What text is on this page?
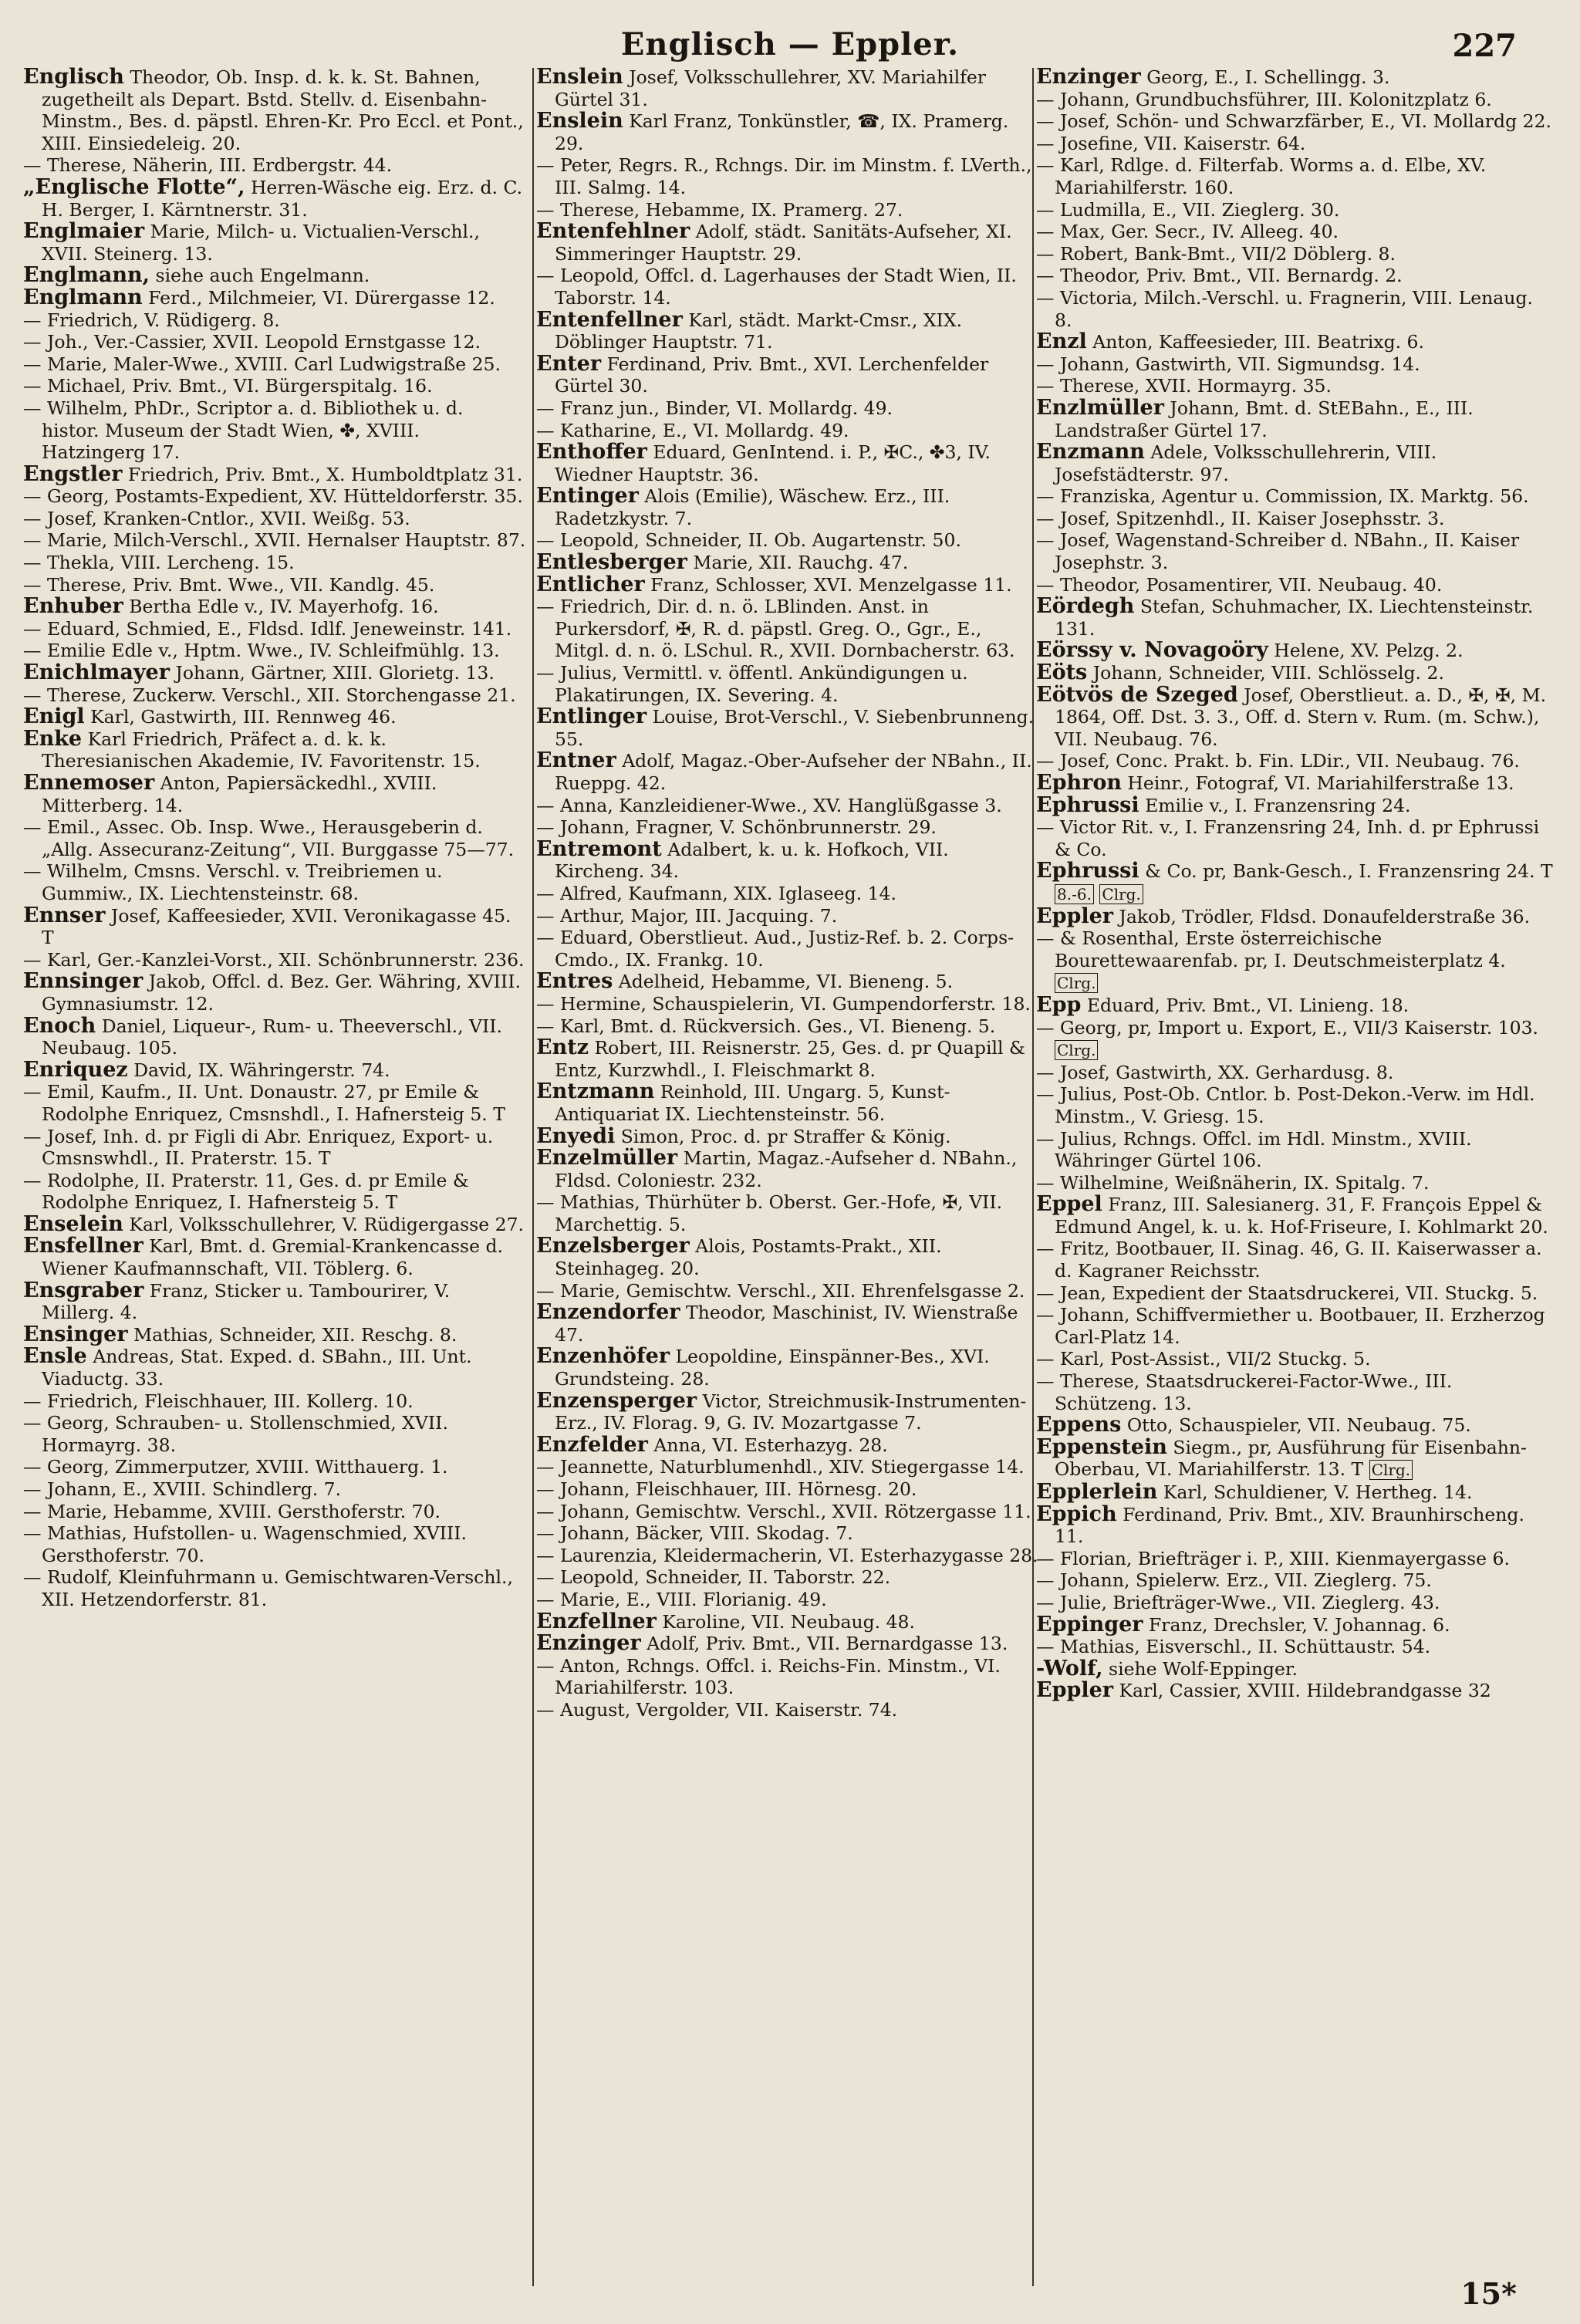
Englisch — Eppler.	227
Englisch Theodor, Ob. Insp. d. k. k. St. Bahnen, zugetheilt als Depart. Bstd. Stellv. d. Eisenbahn-Minstm., Bes. d. päpstl. Ehren-Kr. Pro Eccl. et Pont., XIII. Einsiedeleig. 20.
— Therese, Näherin, III. Erdbergstr. 44.
„Englische Flotte“, Herren-Wäsche eig. Erz. d. C. H. Berger, I. Kärntnerstr. 31.
Englmaier Marie, Milch- u. Victualien-Verschl., XVII. Steinerg. 13.
Englmann, siehe auch Engelmann.
Englmann Ferd., Milchmeier, VI. Dürergasse 12.
— Friedrich, V. Rüdigerg. 8.
— Joh., Ver.-Cassier, XVII. Leopold Ernstgasse 12.
— Marie, Maler-Wwe., XVIII. Carl Ludwigstraße 25.
— Michael, Priv. Bmt., VI. Bürgerspitalg. 16.
— Wilhelm, PhDr., Scriptor a. d. Bibliothek u. d. histor. Museum der Stadt Wien, ✤, XVIII. Hatzingerg 17.
Engstler Friedrich, Priv. Bmt., X. Humboldtplatz 31.
— Georg, Postamts-Expedient, XV. Hütteldorferstr. 35.
— Josef, Kranken-Cntlor., XVII. Weißg. 53.
— Marie, Milch-Verschl., XVII. Hernalser Hauptstr. 87.
— Thekla, VIII. Lercheng. 15.
— Therese, Priv. Bmt. Wwe., VII. Kandlg. 45.
Enhuber Bertha Edle v., IV. Mayerhofg. 16.
— Eduard, Schmied, E., Fldsd. Idlf. Jeneweinstr. 141.
— Emilie Edle v., Hptm. Wwe., IV. Schleifmühlg. 13.
Enichlmayer Johann, Gärtner, XIII. Glorietg. 13.
— Therese, Zuckerw. Verschl., XII. Storchengasse 21.
Enigl Karl, Gastwirth, III. Rennweg 46.
Enke Karl Friedrich, Präfect a. d. k. k. Theresianischen Akademie, IV. Favoritenstr. 15.
Ennemoser Anton, Papiersäckedhl., XVIII. Mitterberg. 14.
— Emil., Assec. Ob. Insp. Wwe., Herausgeberin d. „Allg. Assecuranz-Zeitung“, VII. Burggasse 75—77.
— Wilhelm, Cmsns. Verschl. v. Treibriemen u. Gummiw., IX. Liechtensteinstr. 68.
Ennser Josef, Kaffeesieder, XVII. Veronikagasse 45. T
— Karl, Ger.-Kanzlei-Vorst., XII. Schönbrunnerstr. 236.
Ennsinger Jakob, Offcl. d. Bez. Ger. Währing, XVIII. Gymnasiumstr. 12.
Enoch Daniel, Liqueur-, Rum- u. Theeverschl., VII. Neubaug. 105.
Enriquez David, IX. Währingerstr. 74.
— Emil, Kaufm., II. Unt. Donaustr. 27, pr Emile & Rodolphe Enriquez, Cmsnshdl., I. Hafnersteig 5. T
— Josef, Inh. d. pr Figli di Abr. Enriquez, Export- u. Cmsnswhdl., II. Praterstr. 15. T
— Rodolphe, II. Praterstr. 11, Ges. d. pr Emile & Rodolphe Enriquez, I. Hafnersteig 5. T
Enselein Karl, Volksschullehrer, V. Rüdigergasse 27.
Ensfellner Karl, Bmt. d. Gremial-Krankencasse d. Wiener Kaufmannschaft, VII. Töblerg. 6.
Ensgraber Franz, Sticker u. Tambourirer, V. Millerg. 4.
Ensinger Mathias, Schneider, XII. Reschg. 8.
Ensle Andreas, Stat. Exped. d. SBahn., III. Unt. Viaductg. 33.
— Friedrich, Fleischhauer, III. Kollerg. 10.
— Georg, Schrauben- u. Stollenschmied, XVII. Hormayrg. 38.
— Georg, Zimmerputzer, XVIII. Witthauerg. 1.
— Johann, E., XVIII. Schindlerg. 7.
— Marie, Hebamme, XVIII. Gersthoferstr. 70.
— Mathias, Hufstollen- u. Wagenschmied, XVIII. Gersthoferstr. 70.
— Rudolf, Kleinfuhrmann u. Gemischtwaren-Verschl., XII. Hetzendorferstr. 81.
Enslein Josef, Volksschullehrer, XV. Mariahilfer Gürtel 31.
Enslein Karl Franz, Tonkünstler, ☎, IX. Pramerg. 29.
— Peter, Regrs. R., Rchngs. Dir. im Minstm. f. LVerth., III. Salmg. 14.
— Therese, Hebamme, IX. Pramerg. 27.
Entenfehlner Adolf, städt. Sanitäts-Aufseher, XI. Simmeringer Hauptstr. 29.
— Leopold, Offcl. d. Lagerhauses der Stadt Wien, II. Taborstr. 14.
Entenfellner Karl, städt. Markt-Cmsr., XIX. Döblinger Hauptstr. 71.
Enter Ferdinand, Priv. Bmt., XVI. Lerchenfelder Gürtel 30.
— Franz jun., Binder, VI. Mollardg. 49.
— Katharine, E., VI. Mollardg. 49.
Enthoffer Eduard, GenIntend. i. P., ✠C., ✤3, IV. Wiedner Hauptstr. 36.
Entinger Alois (Emilie), Wäschew. Erz., III. Radetzkystr. 7.
— Leopold, Schneider, II. Ob. Augartenstr. 50.
Entlesberger Marie, XII. Rauchg. 47.
Entlicher Franz, Schlosser, XVI. Menzelgasse 11.
— Friedrich, Dir. d. n. ö. LBlinden. Anst. in Purkersdorf, ✠, R. d. päpstl. Greg. O., Ggr., E., Mitgl. d. n. ö. LSchul. R., XVII. Dornbacherstr. 63.
— Julius, Vermittl. v. öffentl. Ankündigungen u. Plakatirungen, IX. Severing. 4.
Entlinger Louise, Brot-Verschl., V. Siebenbrunneng. 55.
Entner Adolf, Magaz.-Ober-Aufseher der NBahn., II. Rueppg. 42.
— Anna, Kanzleidiener-Wwe., XV. Hanglüßgasse 3.
— Johann, Fragner, V. Schönbrunnerstr. 29.
Entremont Adalbert, k. u. k. Hofkoch, VII. Kircheng. 34.
— Alfred, Kaufmann, XIX. Iglaseeg. 14.
— Arthur, Major, III. Jacquing. 7.
— Eduard, Oberstlieut. Aud., Justiz-Ref. b. 2. Corps-Cmdo., IX. Frankg. 10.
Entres Adelheid, Hebamme, VI. Bieneng. 5.
— Hermine, Schauspielerin, VI. Gumpendorferstr. 18.
— Karl, Bmt. d. Rückversich. Ges., VI. Bieneng. 5.
Entz Robert, III. Reisnerstr. 25, Ges. d. pr Quapill & Entz, Kurzwhdl., I. Fleischmarkt 8.
Entzmann Reinhold, III. Ungarg. 5, Kunst-Antiquariat IX. Liechtensteinstr. 56.
Enyedi Simon, Proc. d. pr Straffer & König.
Enzelmüller Martin, Magaz.-Aufseher d. NBahn., Fldsd. Coloniestr. 232.
— Mathias, Thürhüter b. Oberst. Ger.-Hofe, ✠, VII. Marchettig. 5.
Enzelsberger Alois, Postamts-Prakt., XII. Steinhageg. 20.
— Marie, Gemischtw. Verschl., XII. Ehrenfelsgasse 2.
Enzendorfer Theodor, Maschinist, IV. Wienstraße 47.
Enzenhöfer Leopoldine, Einspänner-Bes., XVI. Grundsteing. 28.
Enzensperger Victor, Streichmusik-Instrumenten-Erz., IV. Florag. 9, G. IV. Mozartgasse 7.
Enzfelder Anna, VI. Esterhazyg. 28.
— Jeannette, Naturblumenhdl., XIV. Stiegergasse 14.
— Johann, Fleischhauer, III. Hörnesg. 20.
— Johann, Gemischtw. Verschl., XVII. Rötzergasse 11.
— Johann, Bäcker, VIII. Skodag. 7.
— Laurenzia, Kleidermacherin, VI. Esterhazygasse 28.
— Leopold, Schneider, II. Taborstr. 22.
— Marie, E., VIII. Florianig. 49.
Enzfellner Karoline, VII. Neubaug. 48.
Enzinger Adolf, Priv. Bmt., VII. Bernardgasse 13.
— Anton, Rchngs. Offcl. i. Reichs-Fin. Minstm., VI. Mariahilferstr. 103.
— August, Vergolder, VII. Kaiserstr. 74.
Enzinger Georg, E., I. Schellingg. 3.
— Johann, Grundbuchsführer, III. Kolonitzplatz 6.
— Josef, Schön- und Schwarzfärber, E., VI. Mollardg 22.
— Josefine, VII. Kaiserstr. 64.
— Karl, Rdlge. d. Filterfab. Worms a. d. Elbe, XV. Mariahilferstr. 160.
— Ludmilla, E., VII. Zieglerg. 30.
— Max, Ger. Secr., IV. Alleeg. 40.
— Robert, Bank-Bmt., VII/2 Döblerg. 8.
— Theodor, Priv. Bmt., VII. Bernardg. 2.
— Victoria, Milch.-Verschl. u. Fragnerin, VIII. Lenaug. 8.
Enzl Anton, Kaffeesieder, III. Beatrixg. 6.
— Johann, Gastwirth, VII. Sigmundsg. 14.
— Therese, XVII. Hormayrg. 35.
Enzlmüller Johann, Bmt. d. StEBahn., E., III. Landstraßer Gürtel 17.
Enzmann Adele, Volksschullehrerin, VIII. Josefstädterstr. 97.
— Franziska, Agentur u. Commission, IX. Marktg. 56.
— Josef, Spitzenhdl., II. Kaiser Josephsstr. 3.
— Josef, Wagenstand-Schreiber d. NBahn., II. Kaiser Josephstr. 3.
— Theodor, Posamentirer, VII. Neubaug. 40.
Eördegh Stefan, Schuhmacher, IX. Liechtensteinstr. 131.
Eörssy v. Novagoöry Helene, XV. Pelzg. 2.
Eöts Johann, Schneider, VIII. Schlösselg. 2.
Eötvös de Szeged Josef, Oberstlieut. a. D., ✠, ✠, M. 1864, Off. Dst. 3. 3., Off. d. Stern v. Rum. (m. Schw.), VII. Neubaug. 76.
— Josef, Conc. Prakt. b. Fin. LDir., VII. Neubaug. 76.
Ephron Heinr., Fotograf, VI. Mariahilferstraße 13.
Ephrussi Emilie v., I. Franzensring 24.
— Victor Rit. v., I. Franzensring 24, Inh. d. pr Ephrussi & Co.
Ephrussi & Co. pr, Bank-Gesch., I. Franzensring 24. T 8.-6. Clrg.
Eppler Jakob, Trödler, Fldsd. Donaufelderstraße 36.
— & Rosenthal, Erste österreichische Bourettewaarenfab. pr, I. Deutschmeisterplatz 4. Clrg.
Epp Eduard, Priv. Bmt., VI. Linieng. 18.
— Georg, pr, Import u. Export, E., VII/3 Kaiserstr. 103. Clrg.
— Josef, Gastwirth, XX. Gerhardusg. 8.
— Julius, Post-Ob. Cntlor. b. Post-Dekon.-Verw. im Hdl. Minstm., V. Griesg. 15.
— Julius, Rchngs. Offcl. im Hdl. Minstm., XVIII. Währinger Gürtel 106.
— Wilhelmine, Weißnäherin, IX. Spitalg. 7.
Eppel Franz, III. Salesianerg. 31, F. François Eppel & Edmund Angel, k. u. k. Hof-Friseure, I. Kohlmarkt 20.
— Fritz, Bootbauer, II. Sinag. 46, G. II. Kaiserwasser a. d. Kagraner Reichsstr.
— Jean, Expedient der Staatsdruckerei, VII. Stuckg. 5.
— Johann, Schiffvermiether u. Bootbauer, II. Erzherzog Carl-Platz 14.
— Karl, Post-Assist., VII/2 Stuckg. 5.
— Therese, Staatsdruckerei-Factor-Wwe., III. Schützeng. 13.
Eppens Otto, Schauspieler, VII. Neubaug. 75.
Eppenstein Siegm., pr, Ausführung für Eisenbahn-Oberbau, VI. Mariahilferstr. 13. T Clrg.
Epplerlein Karl, Schuldiener, V. Hertheg. 14.
Eppich Ferdinand, Priv. Bmt., XIV. Braunhirscheng. 11.
— Florian, Briefträger i. P., XIII. Kienmayergasse 6.
— Johann, Spielerw. Erz., VII. Zieglerg. 75.
— Julie, Briefträger-Wwe., VII. Zieglerg. 43.
Eppinger Franz, Drechsler, V. Johannag. 6.
— Mathias, Eisverschl., II. Schüttaustr. 54.
-Wolf, siehe Wolf-Eppinger.
Eppler Karl, Cassier, XVIII. Hildebrandgasse 32
15*
